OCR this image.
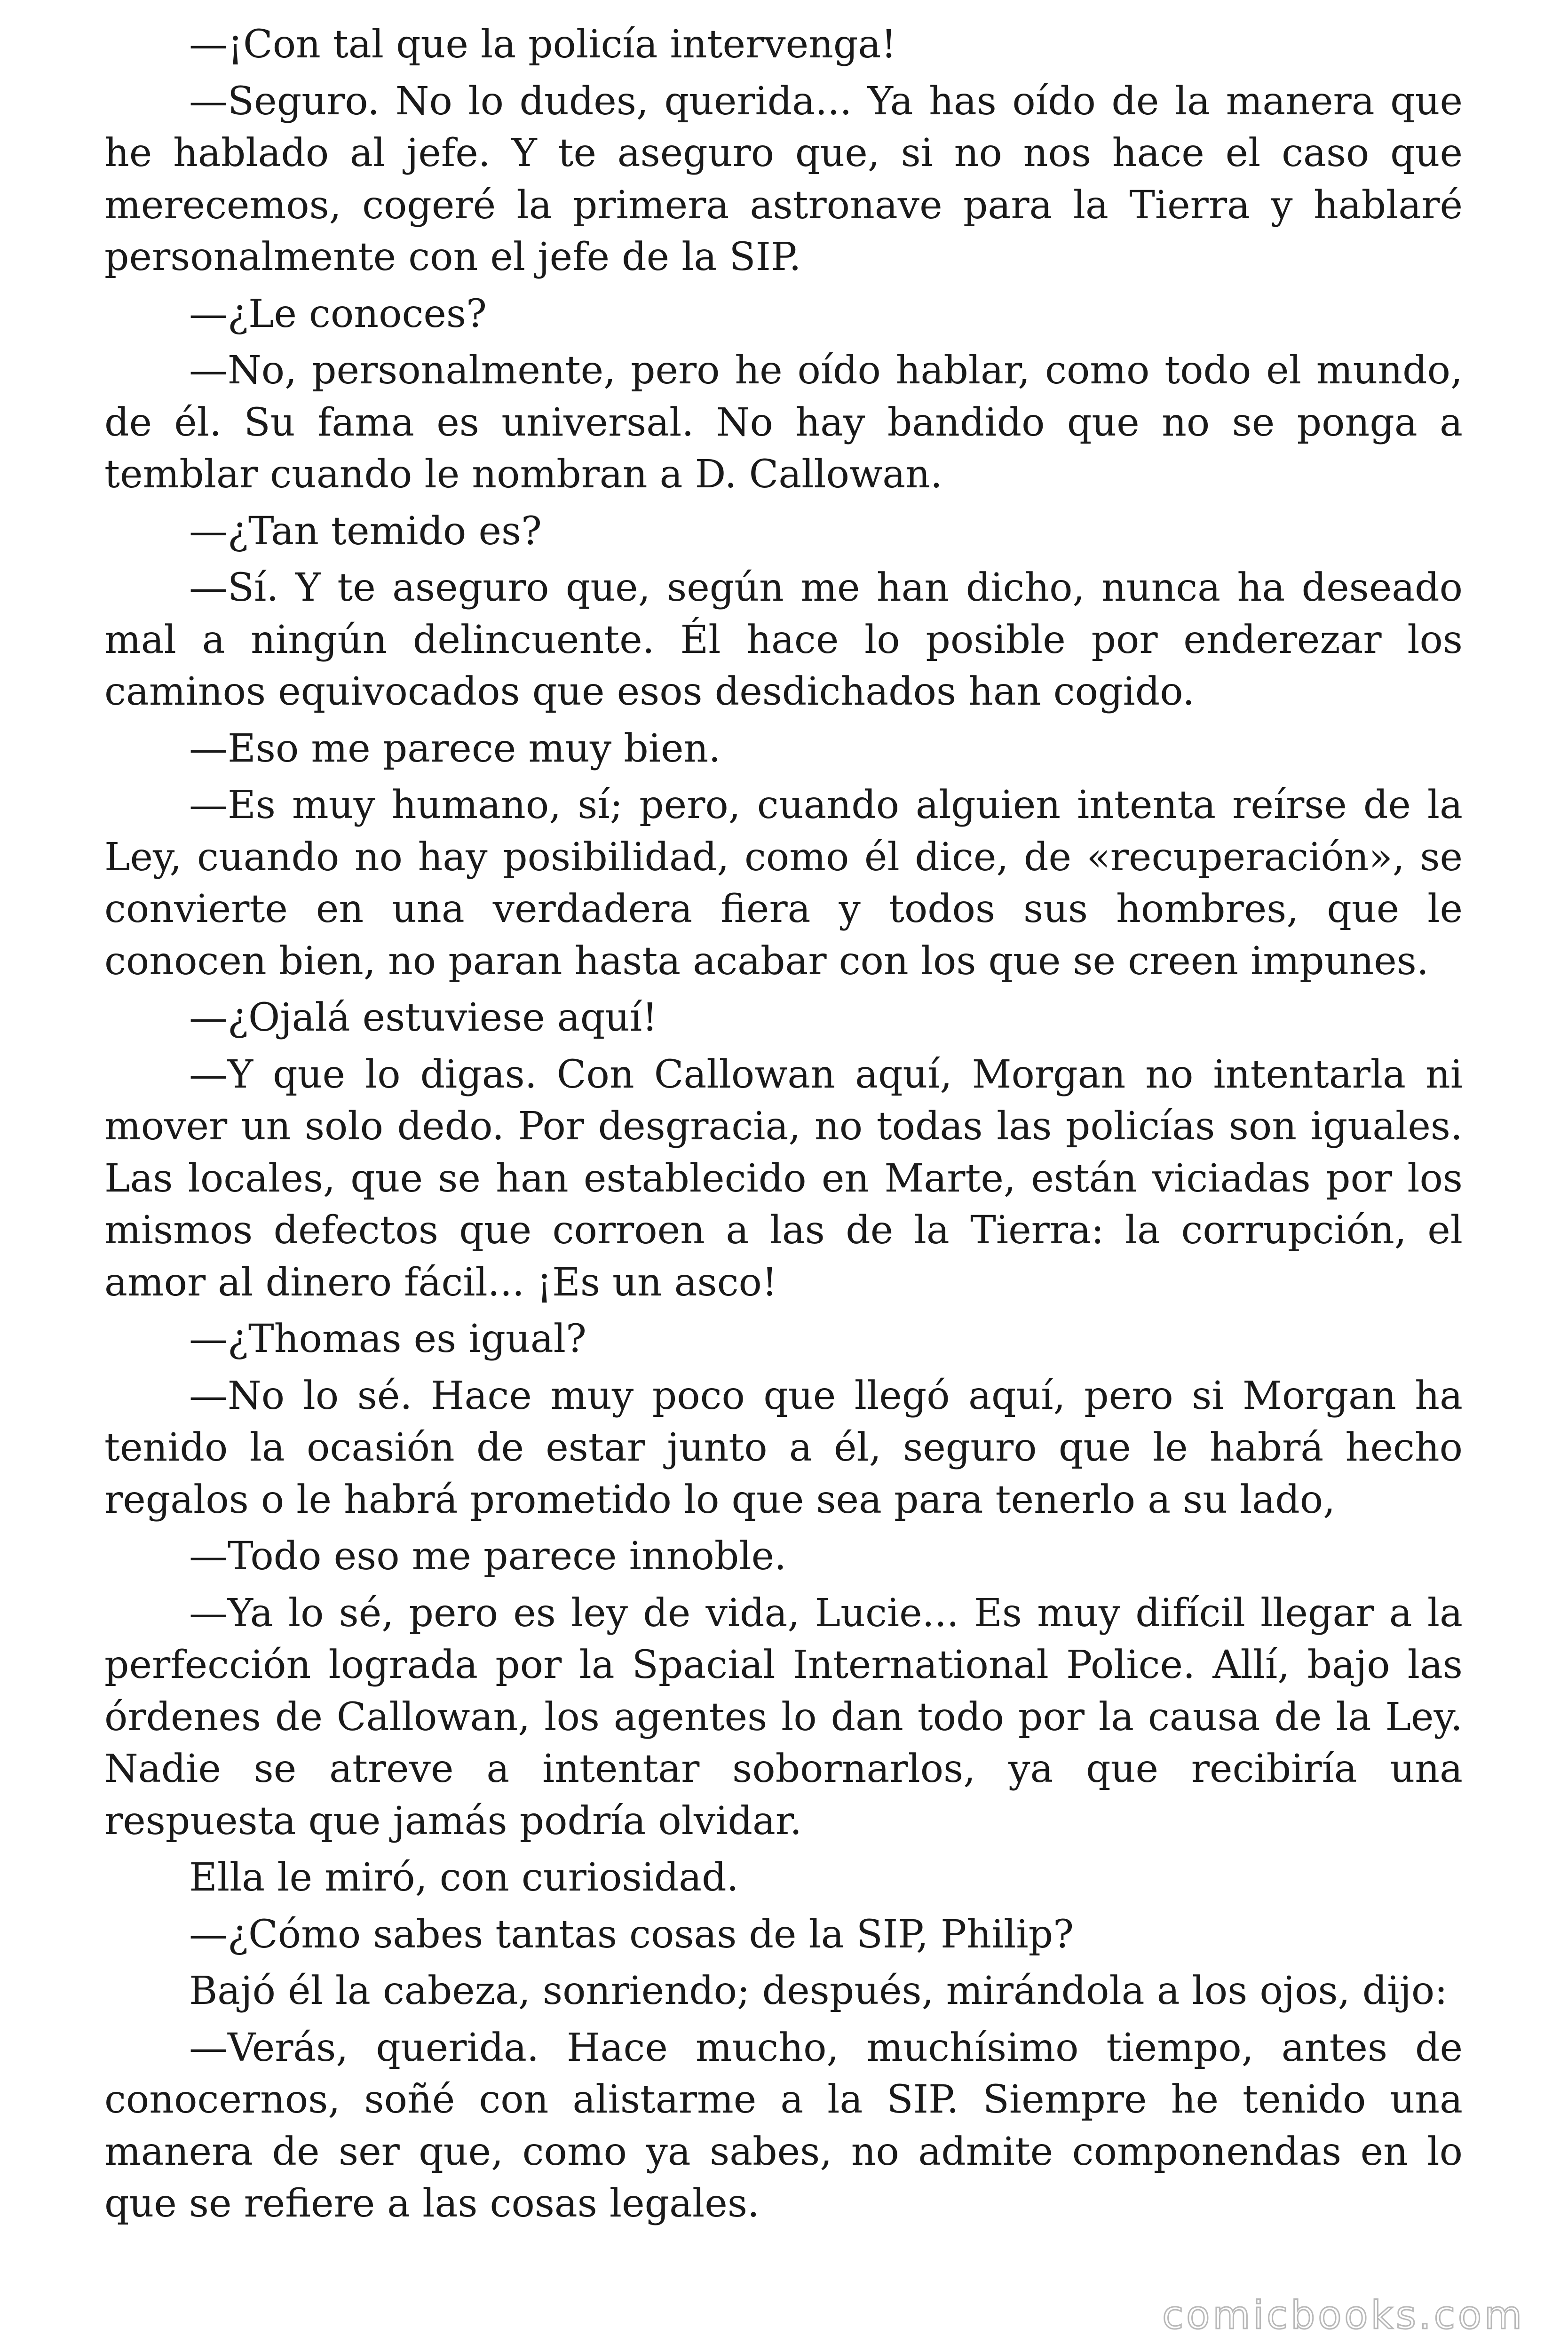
—¡Con tal que la policía intervenga!

—Seguro. No lo dudes, querida... Ya has oído de la manera que he hablado al jefe. Y te aseguro que, si no nos hace el caso que merecemos, cogeré la primera astronave para la Tierra y hablaré personalmente con el jefe de la SIP.

—¿Le conoces?

—No, personalmente, pero he oído hablar, como todo el mundo, de él. Su fama es universal. No hay bandido que no se ponga a temblar cuando le nombran a D. Callowan.

—¿Tan temido es?

—Sí. Y te aseguro que, según me han dicho, nunca ha deseado mal a ningún delincuente. Él hace lo posible por enderezar los caminos equivocados que esos desdichados han cogido.

—Eso me parece muy bien.

—Es muy humano, sí; pero, cuando alguien intenta reírse de la Ley, cuando no hay posibilidad, como él dice, de «recuperación», se convierte en una verdadera fiera y todos sus hombres, que le conocen bien, no paran hasta acabar con los que se creen impunes.

—¿Ojalá estuviese aquí!

—Y que lo digas. Con Callowan aquí, Morgan no intentarla ni mover un solo dedo. Por desgracia, no todas las policías son iguales. Las locales, que se han establecido en Marte, están viciadas por los mismos defectos que corroen a las de la Tierra: la corrupción, el amor al dinero fácil... ¡Es un asco!

—¿Thomas es igual?

—No lo sé. Hace muy poco que llegó aquí, pero si Morgan ha tenido la ocasión de estar junto a él, seguro que le habrá hecho regalos o le habrá prometido lo que sea para tenerlo a su lado,

—Todo eso me parece innoble.

—Ya lo sé, pero es ley de vida, Lucie... Es muy difícil llegar a la perfección lograda por la Spacial International Police. Allí, bajo las órdenes de Callowan, los agentes lo dan todo por la causa de la Ley. Nadie se atreve a intentar sobornarlos, ya que recibiría una respuesta que jamás podría olvidar.

Ella le miró, con curiosidad.

—¿Cómo sabes tantas cosas de la SIP, Philip?

Bajó él la cabeza, sonriendo; después, mirándola a los ojos, dijo:

—Verás, querida. Hace mucho, muchísimo tiempo, antes de conocernos, soñé con alistarme a la SIP. Siempre he tenido una manera de ser que, como ya sabes, no admite componendas en lo que se refiere a las cosas legales.

comicbooks.com
